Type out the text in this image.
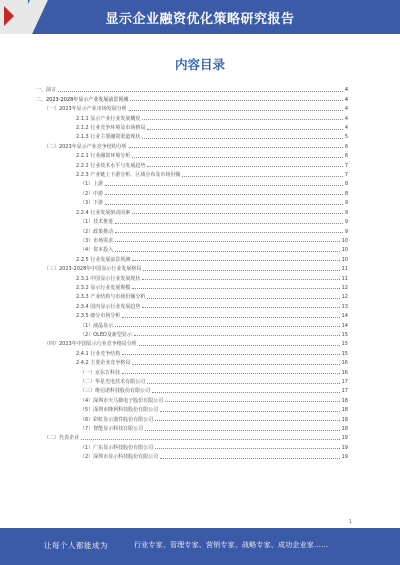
显示企业融资优化策略研究报告
内容目录
一、前言	4
二、2023-2028年显示产业发展前景预测	4
（一）2023年显示产业市场发展分析	4
2.1.1 显示产业行业发展概况	4
2.1.2 行业竞争环境及市场格局	4
2.1.3 行业主要融资渠道现状	5
（二）2023年显示产业竞争结构分析	6
2.2.1 行业融资环境分析	6
2.2.2 行业技术水平与发展趋势	7
2.2.3 产业链上下游分析、区域分布及市场份额	7
（1）上游	8
（2）中游	8
（3）下游	9
2.2.4 行业发展驱动因素	9
（1）技术推进	9
（2）政策推动	9
（3）市场需求	10
（4）资本投入	10
2.2.5 行业发展前景预测	10
（三）2023-2028年中国显示行业发展格局	11
2.3.1 中国显示行业发展现状	11
2.3.2 显示行业发展规模	12
2.3.3 产业结构与市场份额分析	12
2.3.4 国内显示行业发展趋势	13
2.3.5 细分市场分析	14
（1）液晶显示	14
（2）OLED及新型显示	15
（四）2023年中国显示行业竞争格局分析	15
2.4.1 行业竞争结构	15
2.4.2 主要企业竞争格局	16
（一）京东方科技	16
（二）华星光电技术有限公司	17
（三）维信诺科技股份有限公司	17
（4）深圳市天马微电子股份有限公司	18
（5）深圳市隆利科技股份有限公司	18
（6）彩虹显示器件股份有限公司	18
（7）智能显示科技有限公司	18
（二）代表企业	19
（1）广东显示科技股份有限公司	19
（2）深圳市显示科技股份有限公司	19
1
让每个人都能成为	行业专家、管理专家、营销专家、战略专家、成功企业家……
